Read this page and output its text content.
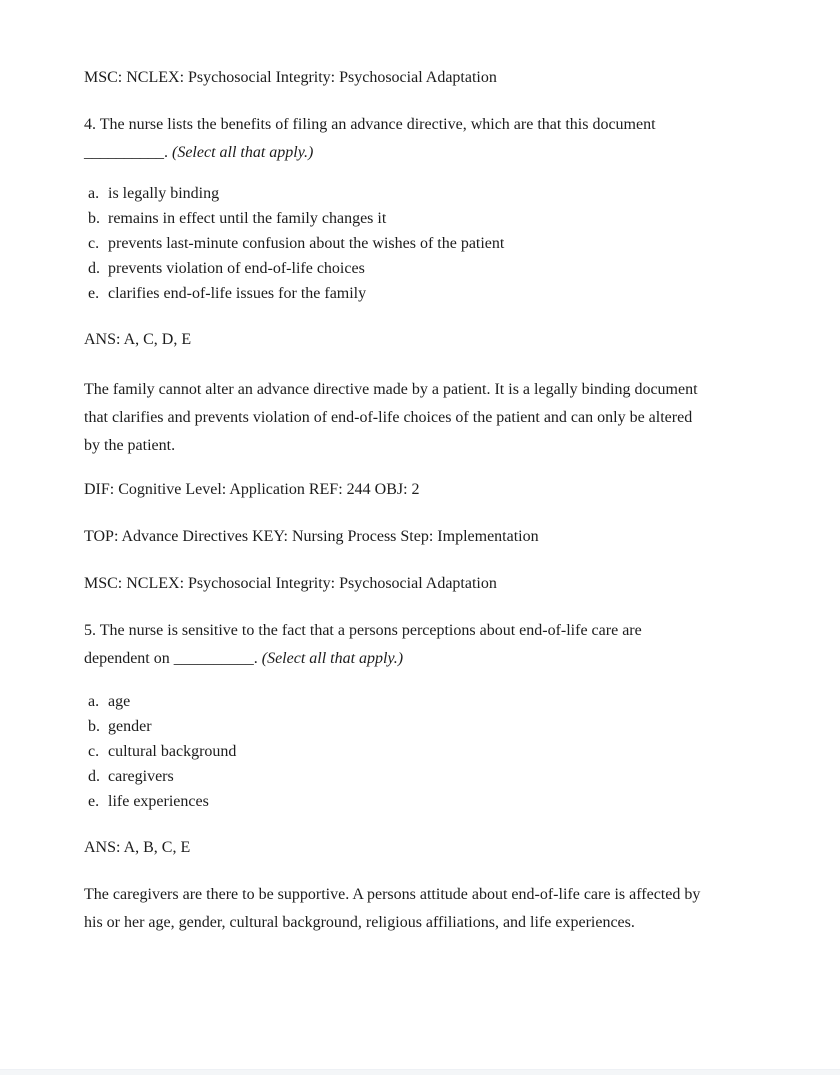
MSC: NCLEX: Psychosocial Integrity: Psychosocial Adaptation
4. The nurse lists the benefits of filing an advance directive, which are that this document
__________. (Select all that apply.)
a. is legally binding
b. remains in effect until the family changes it
c. prevents last-minute confusion about the wishes of the patient
d. prevents violation of end-of-life choices
e. clarifies end-of-life issues for the family
ANS: A, C, D, E
The family cannot alter an advance directive made by a patient. It is a legally binding document
that clarifies and prevents violation of end-of-life choices of the patient and can only be altered
by the patient.
DIF: Cognitive Level: Application REF: 244 OBJ: 2
TOP: Advance Directives KEY: Nursing Process Step: Implementation
MSC: NCLEX: Psychosocial Integrity: Psychosocial Adaptation
5. The nurse is sensitive to the fact that a persons perceptions about end-of-life care are
dependent on __________. (Select all that apply.)
a. age
b. gender
c. cultural background
d. caregivers
e. life experiences
ANS: A, B, C, E
The caregivers are there to be supportive. A persons attitude about end-of-life care is affected by
his or her age, gender, cultural background, religious affiliations, and life experiences.
